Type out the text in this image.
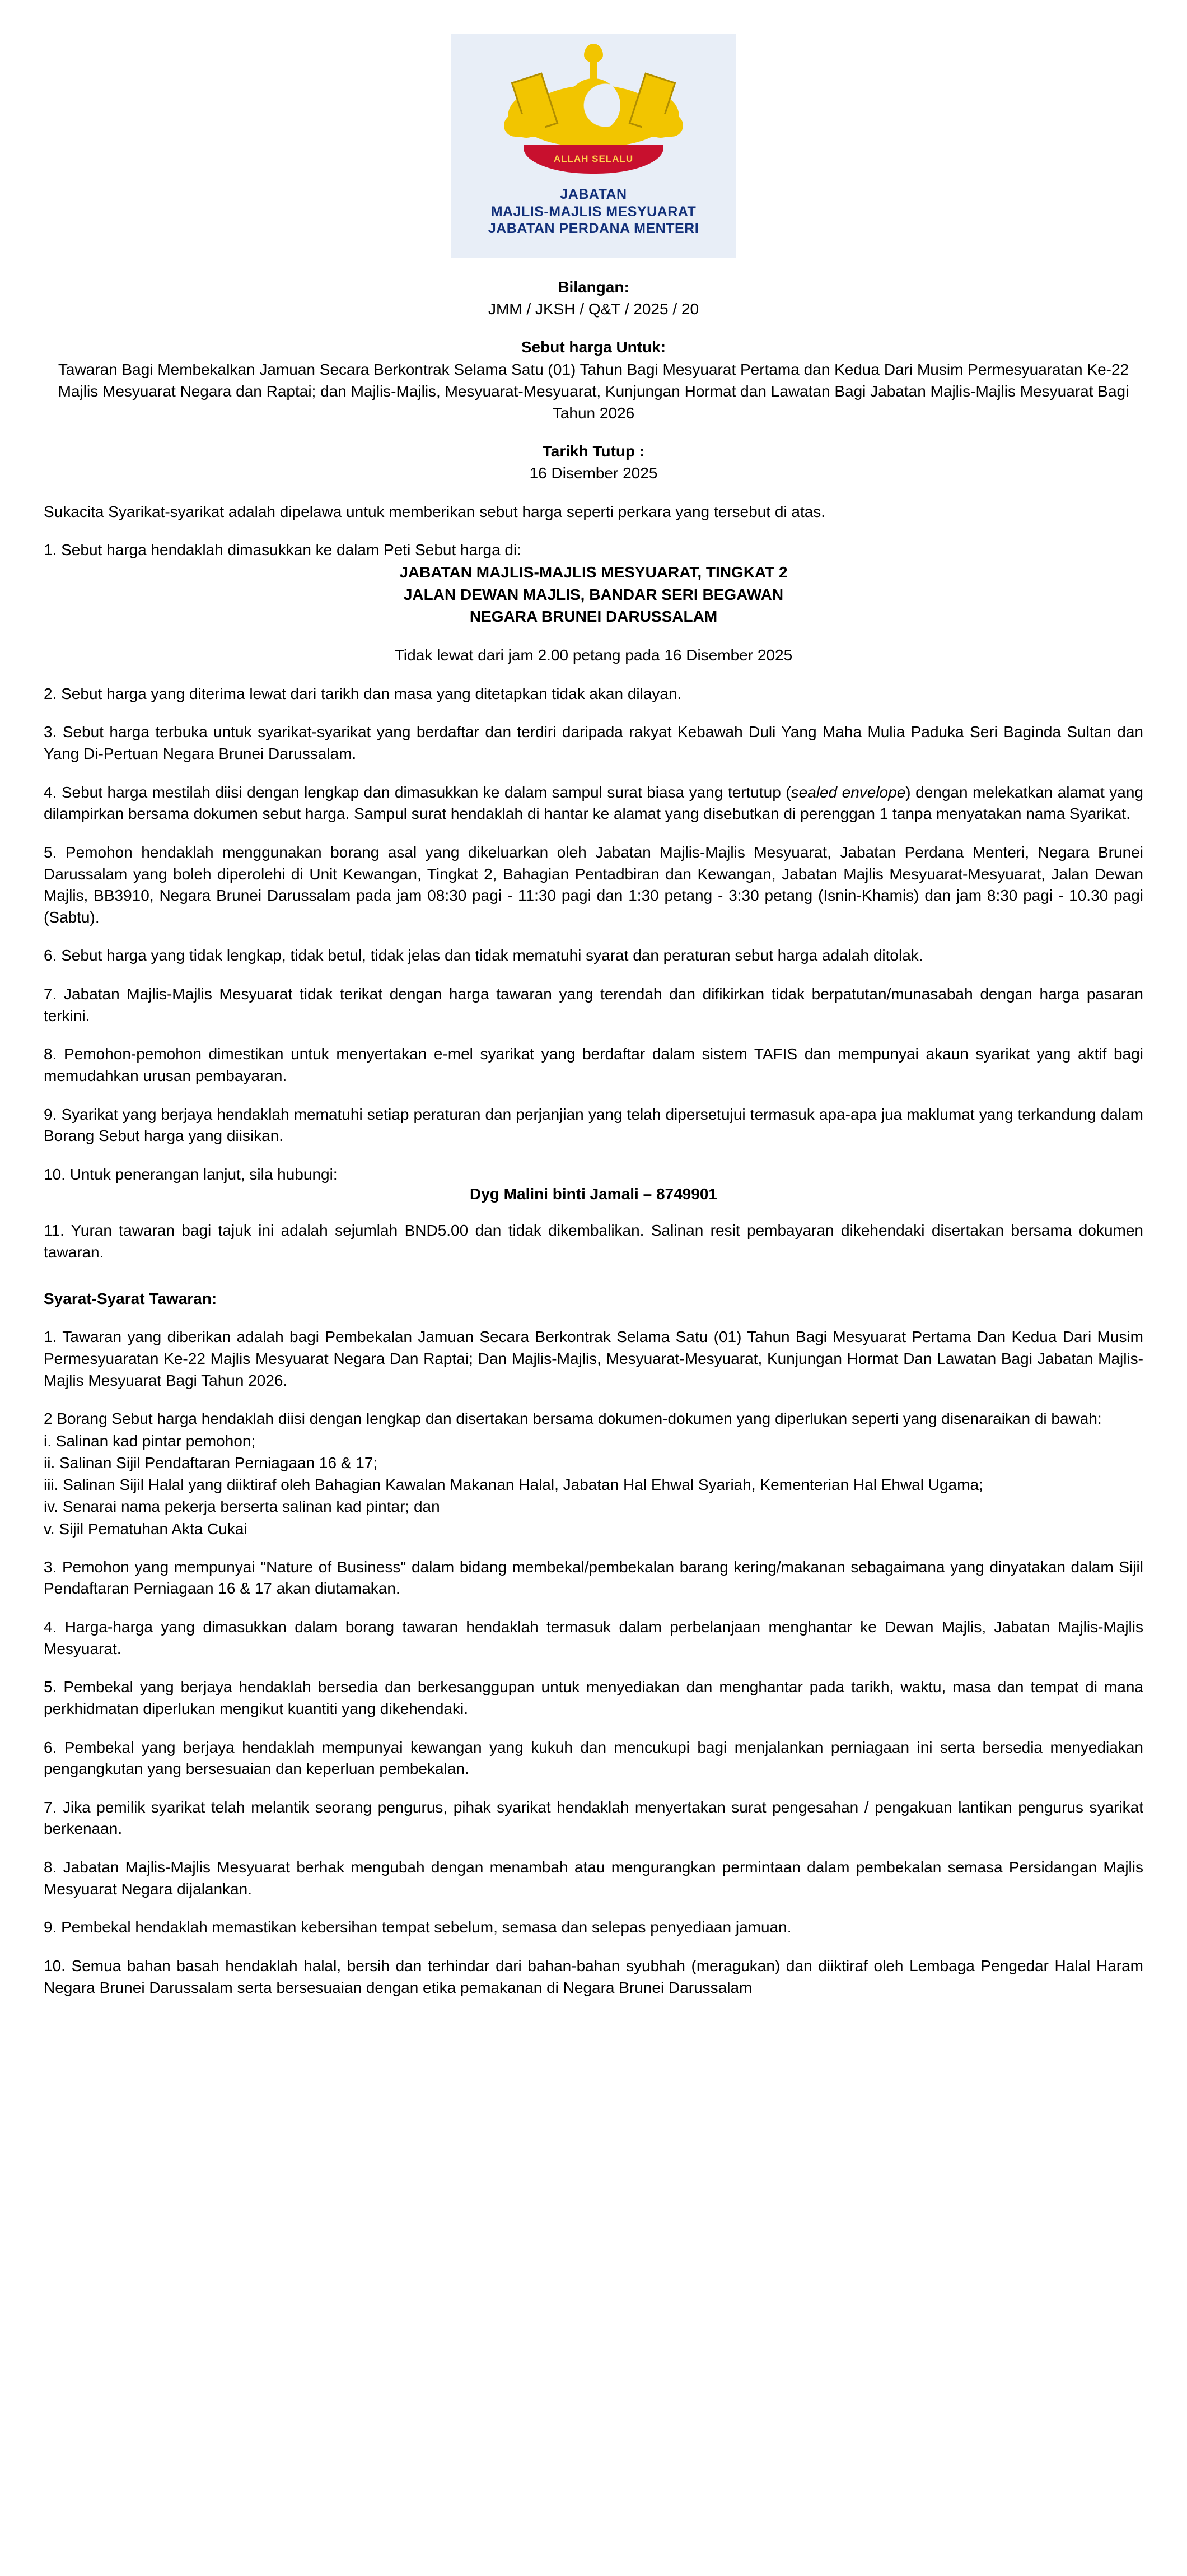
ALLAH SELALU
JABATAN
MAJLIS-MAJLIS MESYUARAT
JABATAN PERDANA MENTERI
Bilangan:
JMM / JKSH / Q&T / 2025 / 20
Sebut harga Untuk:
Tawaran Bagi Membekalkan Jamuan Secara Berkontrak Selama Satu (01) Tahun Bagi Mesyuarat Pertama dan Kedua Dari Musim Permesyuaratan Ke-22 Majlis Mesyuarat Negara dan Raptai; dan Majlis-Majlis, Mesyuarat-Mesyuarat, Kunjungan Hormat dan Lawatan Bagi Jabatan Majlis-Majlis Mesyuarat Bagi Tahun 2026
Tarikh Tutup :
16 Disember 2025
Sukacita Syarikat-syarikat adalah dipelawa untuk memberikan sebut harga seperti perkara yang tersebut di atas.
1. Sebut harga hendaklah dimasukkan ke dalam Peti Sebut harga di:
JABATAN MAJLIS-MAJLIS MESYUARAT, TINGKAT 2
JALAN DEWAN MAJLIS, BANDAR SERI BEGAWAN
NEGARA BRUNEI DARUSSALAM
Tidak lewat dari jam 2.00 petang pada 16 Disember 2025
2. Sebut harga yang diterima lewat dari tarikh dan masa yang ditetapkan tidak akan dilayan.
3. Sebut harga terbuka untuk syarikat-syarikat yang berdaftar dan terdiri daripada rakyat Kebawah Duli Yang Maha Mulia Paduka Seri Baginda Sultan dan Yang Di-Pertuan Negara Brunei Darussalam.
4. Sebut harga mestilah diisi dengan lengkap dan dimasukkan ke dalam sampul surat biasa yang tertutup (sealed envelope) dengan melekatkan alamat yang dilampirkan bersama dokumen sebut harga. Sampul surat hendaklah di hantar ke alamat yang disebutkan di perenggan 1 tanpa menyatakan nama Syarikat.
5. Pemohon hendaklah menggunakan borang asal yang dikeluarkan oleh Jabatan Majlis-Majlis Mesyuarat, Jabatan Perdana Menteri, Negara Brunei Darussalam yang boleh diperolehi di Unit Kewangan, Tingkat 2, Bahagian Pentadbiran dan Kewangan, Jabatan Majlis Mesyuarat-Mesyuarat, Jalan Dewan Majlis, BB3910, Negara Brunei Darussalam pada jam 08:30 pagi - 11:30 pagi dan 1:30 petang - 3:30 petang (Isnin-Khamis) dan jam 8:30 pagi - 10.30 pagi (Sabtu).
6. Sebut harga yang tidak lengkap, tidak betul, tidak jelas dan tidak mematuhi syarat dan peraturan sebut harga adalah ditolak.
7. Jabatan Majlis-Majlis Mesyuarat tidak terikat dengan harga tawaran yang terendah dan difikirkan tidak berpatutan/munasabah dengan harga pasaran terkini.
8. Pemohon-pemohon dimestikan untuk menyertakan e-mel syarikat yang berdaftar dalam sistem TAFIS dan mempunyai akaun syarikat yang aktif bagi memudahkan urusan pembayaran.
9. Syarikat yang berjaya hendaklah mematuhi setiap peraturan dan perjanjian yang telah dipersetujui termasuk apa-apa jua maklumat yang terkandung dalam Borang Sebut harga yang diisikan.
10. Untuk penerangan lanjut, sila hubungi:
Dyg Malini binti Jamali – 8749901
11. Yuran tawaran bagi tajuk ini adalah sejumlah BND5.00 dan tidak dikembalikan. Salinan resit pembayaran dikehendaki disertakan bersama dokumen tawaran.
Syarat-Syarat Tawaran:
1. Tawaran yang diberikan adalah bagi Pembekalan Jamuan Secara Berkontrak Selama Satu (01) Tahun Bagi Mesyuarat Pertama Dan Kedua Dari Musim Permesyuaratan Ke-22 Majlis Mesyuarat Negara Dan Raptai; Dan Majlis-Majlis, Mesyuarat-Mesyuarat, Kunjungan Hormat Dan Lawatan Bagi Jabatan Majlis-Majlis Mesyuarat Bagi Tahun 2026.
2 Borang Sebut harga hendaklah diisi dengan lengkap dan disertakan bersama dokumen-dokumen yang diperlukan seperti yang disenaraikan di bawah:
i. Salinan kad pintar pemohon;
ii. Salinan Sijil Pendaftaran Perniagaan 16 & 17;
iii. Salinan Sijil Halal yang diiktiraf oleh Bahagian Kawalan Makanan Halal, Jabatan Hal Ehwal Syariah, Kementerian Hal Ehwal Ugama;
iv. Senarai nama pekerja berserta salinan kad pintar; dan
v. Sijil Pematuhan Akta Cukai
3. Pemohon yang mempunyai "Nature of Business" dalam bidang membekal/pembekalan barang kering/makanan sebagaimana yang dinyatakan dalam Sijil Pendaftaran Perniagaan 16 & 17 akan diutamakan.
4. Harga-harga yang dimasukkan dalam borang tawaran hendaklah termasuk dalam perbelanjaan menghantar ke Dewan Majlis, Jabatan Majlis-Majlis Mesyuarat.
5. Pembekal yang berjaya hendaklah bersedia dan berkesanggupan untuk menyediakan dan menghantar pada tarikh, waktu, masa dan tempat di mana perkhidmatan diperlukan mengikut kuantiti yang dikehendaki.
6. Pembekal yang berjaya hendaklah mempunyai kewangan yang kukuh dan mencukupi bagi menjalankan perniagaan ini serta bersedia menyediakan pengangkutan yang bersesuaian dan keperluan pembekalan.
7. Jika pemilik syarikat telah melantik seorang pengurus, pihak syarikat hendaklah menyertakan surat pengesahan / pengakuan lantikan pengurus syarikat berkenaan.
8. Jabatan Majlis-Majlis Mesyuarat berhak mengubah dengan menambah atau mengurangkan permintaan dalam pembekalan semasa Persidangan Majlis Mesyuarat Negara dijalankan.
9. Pembekal hendaklah memastikan kebersihan tempat sebelum, semasa dan selepas penyediaan jamuan.
10. Semua bahan basah hendaklah halal, bersih dan terhindar dari bahan-bahan syubhah (meragukan) dan diiktiraf oleh Lembaga Pengedar Halal Haram Negara Brunei Darussalam serta bersesuaian dengan etika pemakanan di Negara Brunei Darussalam
